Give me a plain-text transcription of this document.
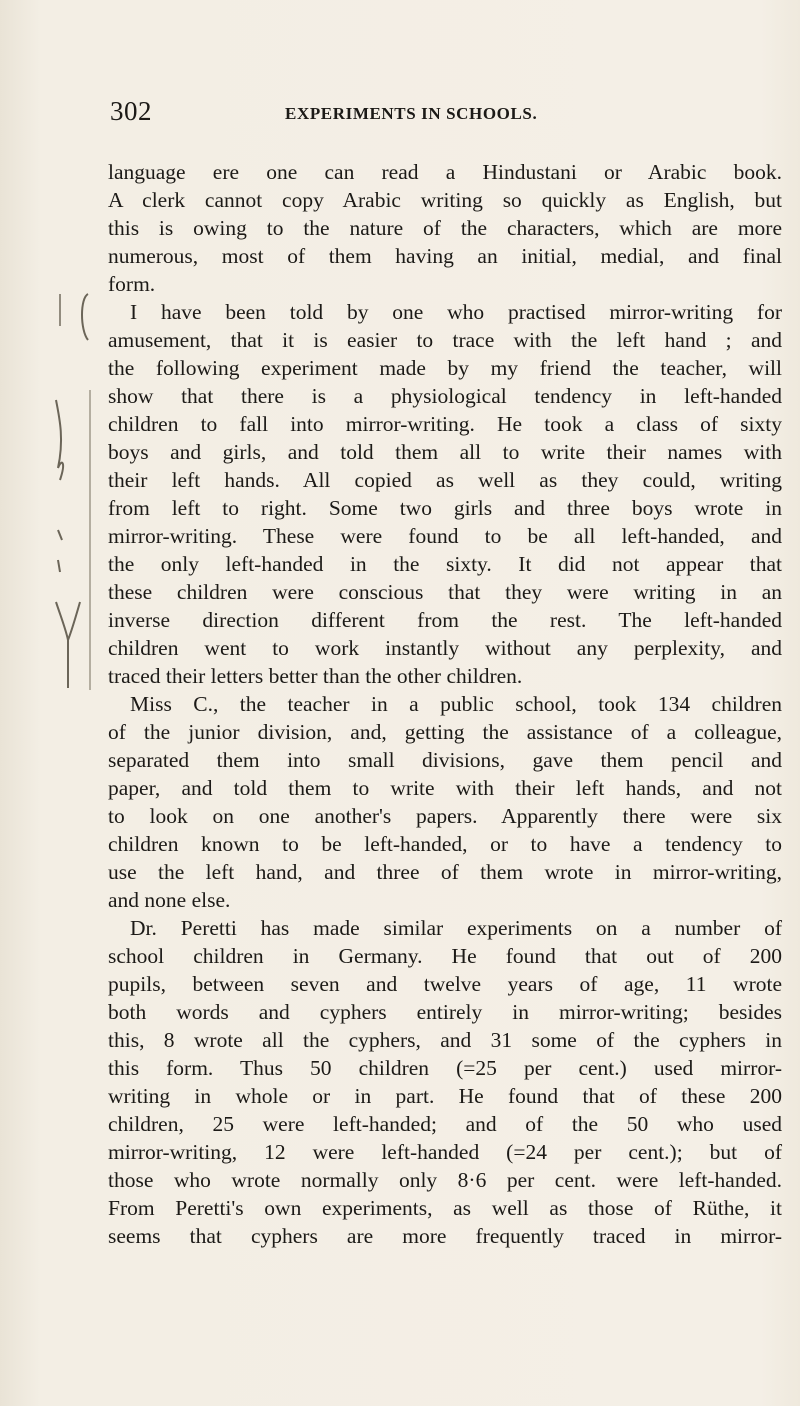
302	EXPERIMENTS IN SCHOOLS.
language ere one can read a Hindustani or Arabic book.
A clerk cannot copy Arabic writing so quickly as English, but
this is owing to the nature of the characters, which are more
numerous, most of them having an initial, medial, and final
form.
I have been told by one who practised mirror-writing for
amusement, that it is easier to trace with the left hand ; and
the following experiment made by my friend the teacher, will
show that there is a physiological tendency in left-handed
children to fall into mirror-writing. He took a class of sixty
boys and girls, and told them all to write their names with
their left hands. All copied as well as they could, writing
from left to right. Some two girls and three boys wrote in
mirror-writing. These were found to be all left-handed, and
the only left-handed in the sixty. It did not appear that
these children were conscious that they were writing in an
inverse direction different from the rest. The left-handed
children went to work instantly without any perplexity, and
traced their letters better than the other children.
Miss C., the teacher in a public school, took 134 children
of the junior division, and, getting the assistance of a colleague,
separated them into small divisions, gave them pencil and
paper, and told them to write with their left hands, and not
to look on one another's papers. Apparently there were six
children known to be left-handed, or to have a tendency to
use the left hand, and three of them wrote in mirror-writing,
and none else.
Dr. Peretti has made similar experiments on a number of
school children in Germany. He found that out of 200
pupils, between seven and twelve years of age, 11 wrote
both words and cyphers entirely in mirror-writing; besides
this, 8 wrote all the cyphers, and 31 some of the cyphers in
this form. Thus 50 children (=25 per cent.) used mirror-
writing in whole or in part. He found that of these 200
children, 25 were left-handed; and of the 50 who used
mirror-writing, 12 were left-handed (=24 per cent.); but of
those who wrote normally only 8·6 per cent. were left-handed.
From Peretti's own experiments, as well as those of Rüthe, it
seems that cyphers are more frequently traced in mirror-
